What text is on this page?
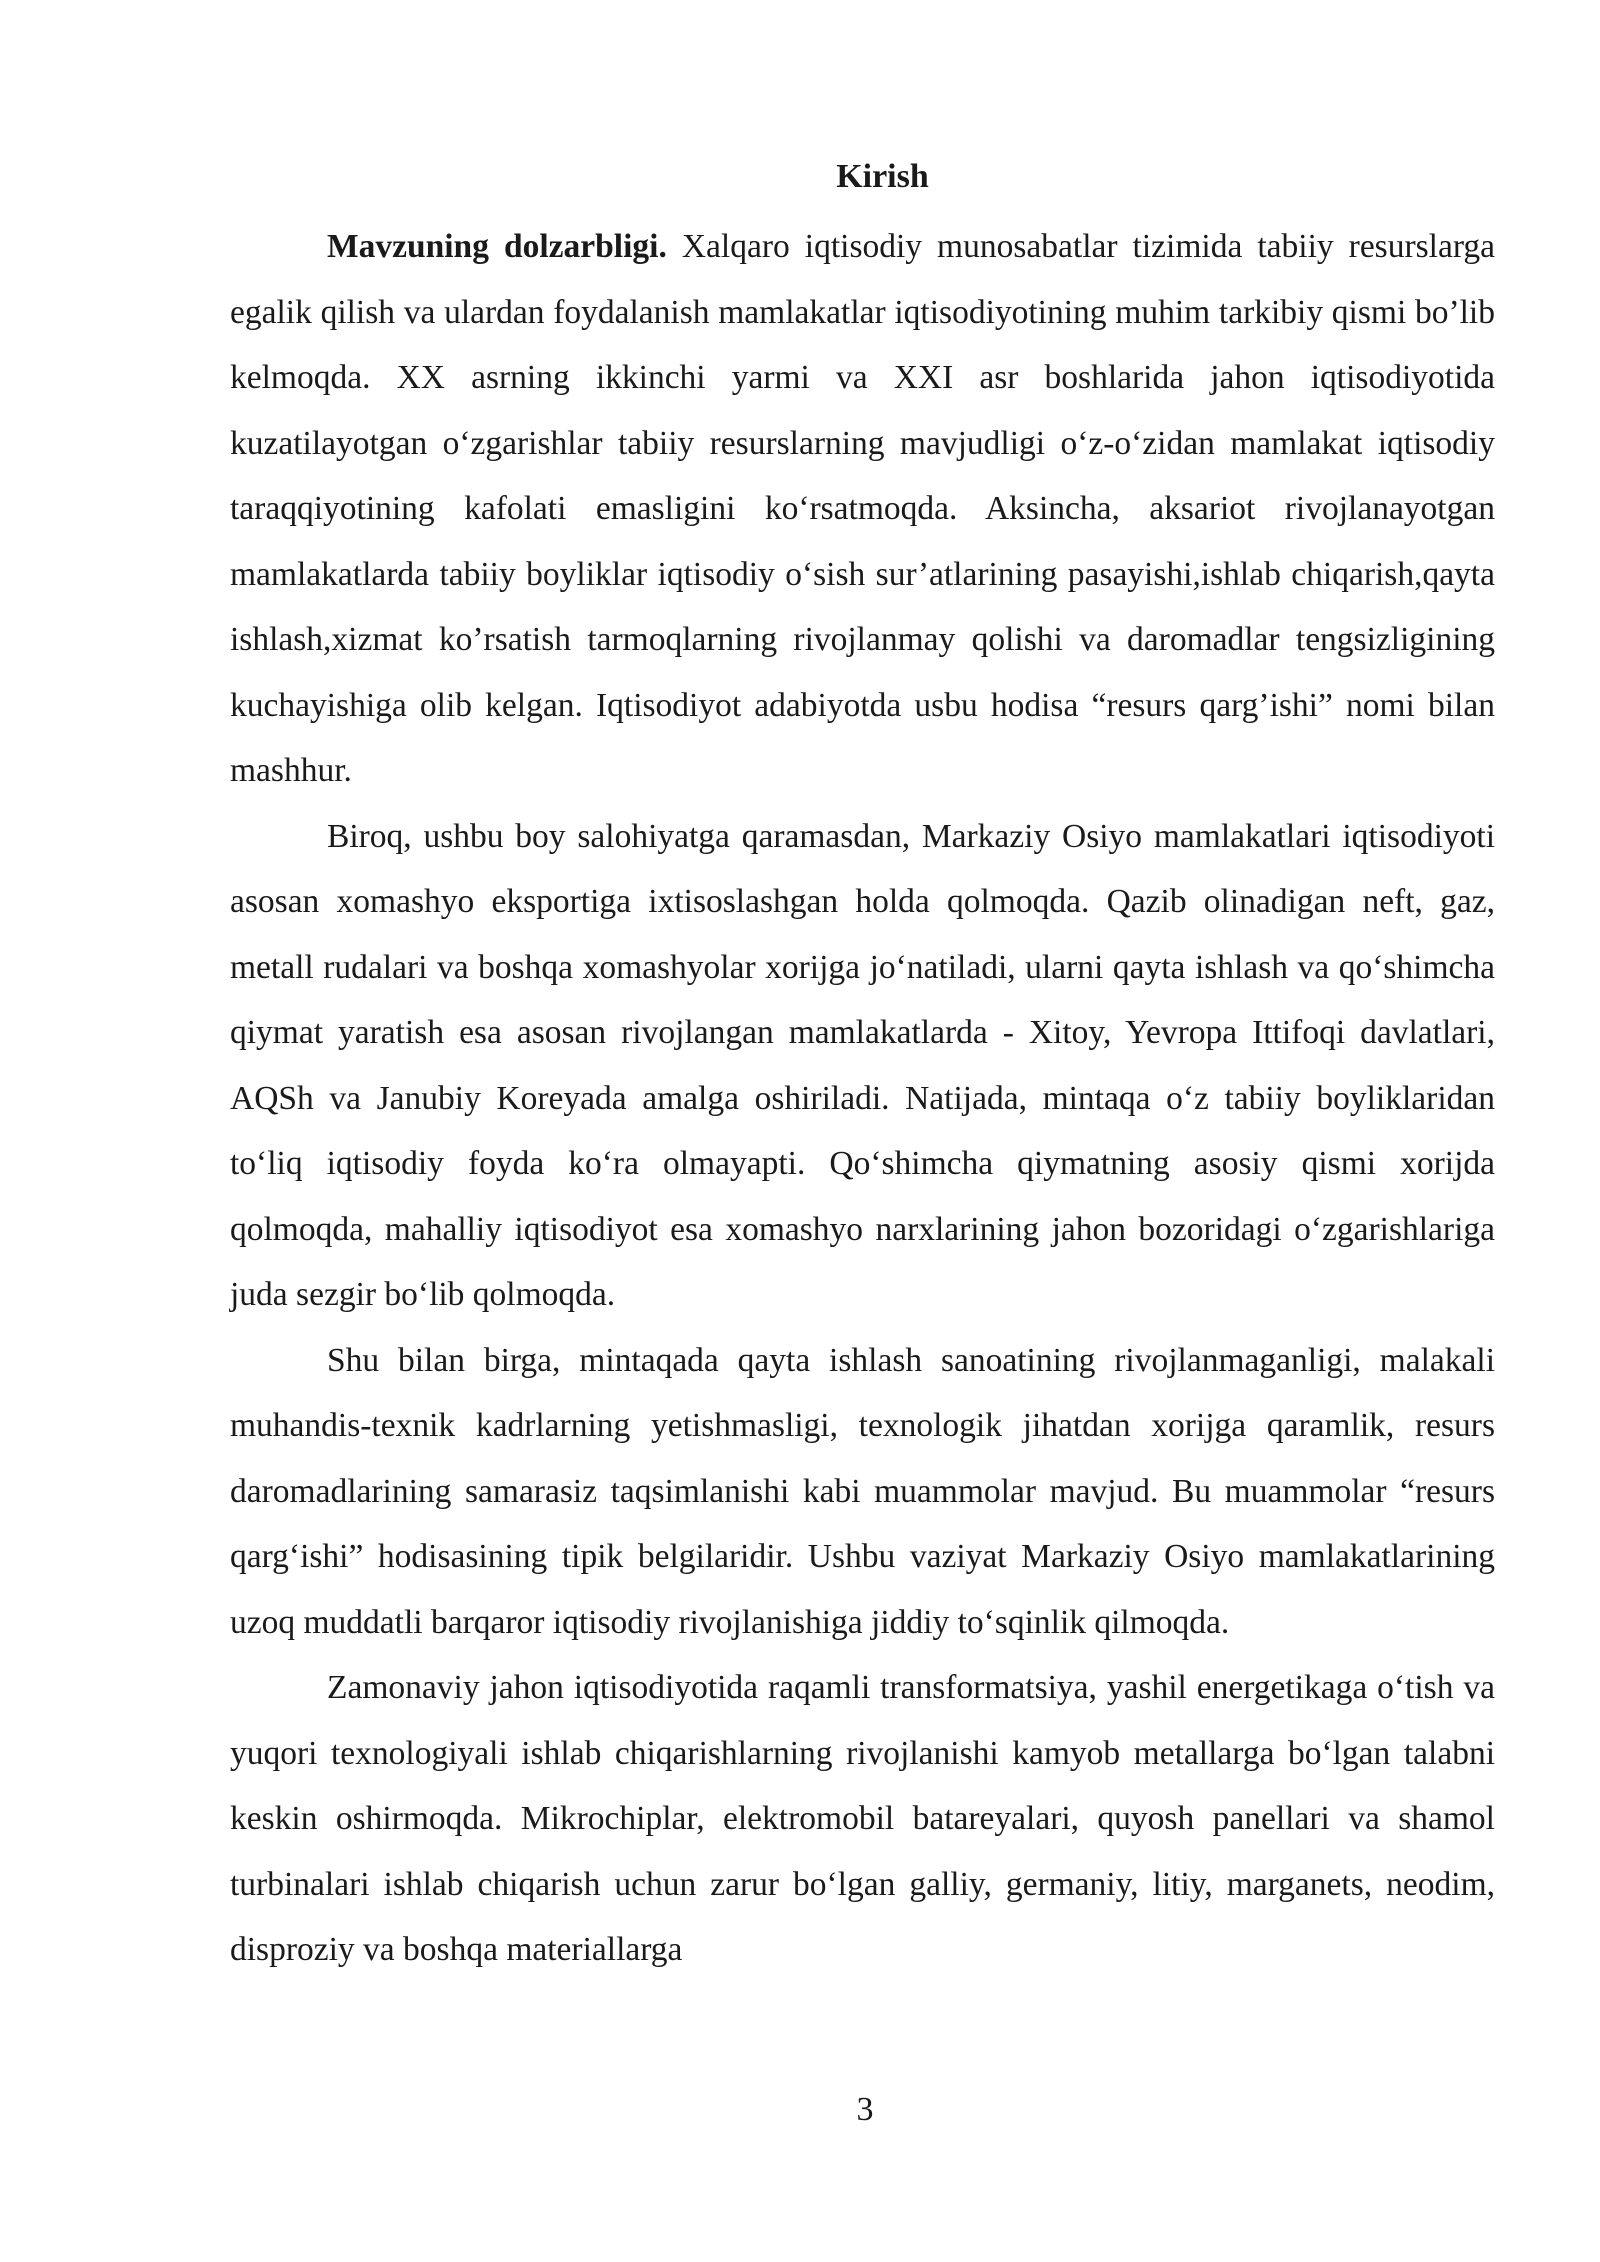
Kirish

Mavzuning dolzarbligi. Xalqaro iqtisodiy munosabatlar tizimida tabiiy resurslarga egalik qilish va ulardan foydalanish mamlakatlar iqtisodiyotining muhim tarkibiy qismi bo’lib kelmoqda. XX asrning ikkinchi yarmi va XXI asr boshlarida jahon iqtisodiyotida kuzatilayotgan o‘zgarishlar tabiiy resurslarning mavjudligi o‘z-o‘zidan mamlakat iqtisodiy taraqqiyotining kafolati emasligini ko‘rsatmoqda. Aksincha, aksariot rivojlanayotgan mamlakatlarda tabiiy boyliklar iqtisodiy o‘sish sur’atlarining pasayishi,ishlab chiqarish,qayta ishlash,xizmat ko’rsatish tarmoqlarning rivojlanmay qolishi va daromadlar tengsizligining kuchayishiga olib kelgan. Iqtisodiyot adabiyotda usbu hodisa “resurs qarg’ishi” nomi bilan mashhur.

Biroq, ushbu boy salohiyatga qaramasdan, Markaziy Osiyo mamlakatlari iqtisodiyoti asosan xomashyo eksportiga ixtisoslashgan holda qolmoqda. Qazib olinadigan neft, gaz, metall rudalari va boshqa xomashyolar xorijga jo‘natiladi, ularni qayta ishlash va qo‘shimcha qiymat yaratish esa asosan rivojlangan mamlakatlarda - Xitoy, Yevropa Ittifoqi davlatlari, AQSh va Janubiy Koreyada amalga oshiriladi. Natijada, mintaqa o‘z tabiiy boyliklaridan to‘liq iqtisodiy foyda ko‘ra olmayapti. Qo‘shimcha qiymatning asosiy qismi xorijda qolmoqda, mahalliy iqtisodiyot esa xomashyo narxlarining jahon bozoridagi o‘zgarishlariga juda sezgir bo‘lib qolmoqda.

Shu bilan birga, mintaqada qayta ishlash sanoatining rivojlanmaganligi, malakali muhandis-texnik kadrlarning yetishmasligi, texnologik jihatdan xorijga qaramlik, resurs daromadlarining samarasiz taqsimlanishi kabi muammolar mavjud. Bu muammolar “resurs qarg‘ishi” hodisasining tipik belgilaridir. Ushbu vaziyat Markaziy Osiyo mamlakatlarining uzoq muddatli barqaror iqtisodiy rivojlanishiga jiddiy to‘sqinlik qilmoqda.

Zamonaviy jahon iqtisodiyotida raqamli transformatsiya, yashil energetikaga o‘tish va yuqori texnologiyali ishlab chiqarishlarning rivojlanishi kamyob metallarga bo‘lgan talabni keskin oshirmoqda. Mikrochiplar, elektromobil batareyalari, quyosh panellari va shamol turbinalari ishlab chiqarish uchun zarur bo‘lgan galliy, germaniy, litiy, marganets, neodim, disproziy va boshqa materiallarga

3
